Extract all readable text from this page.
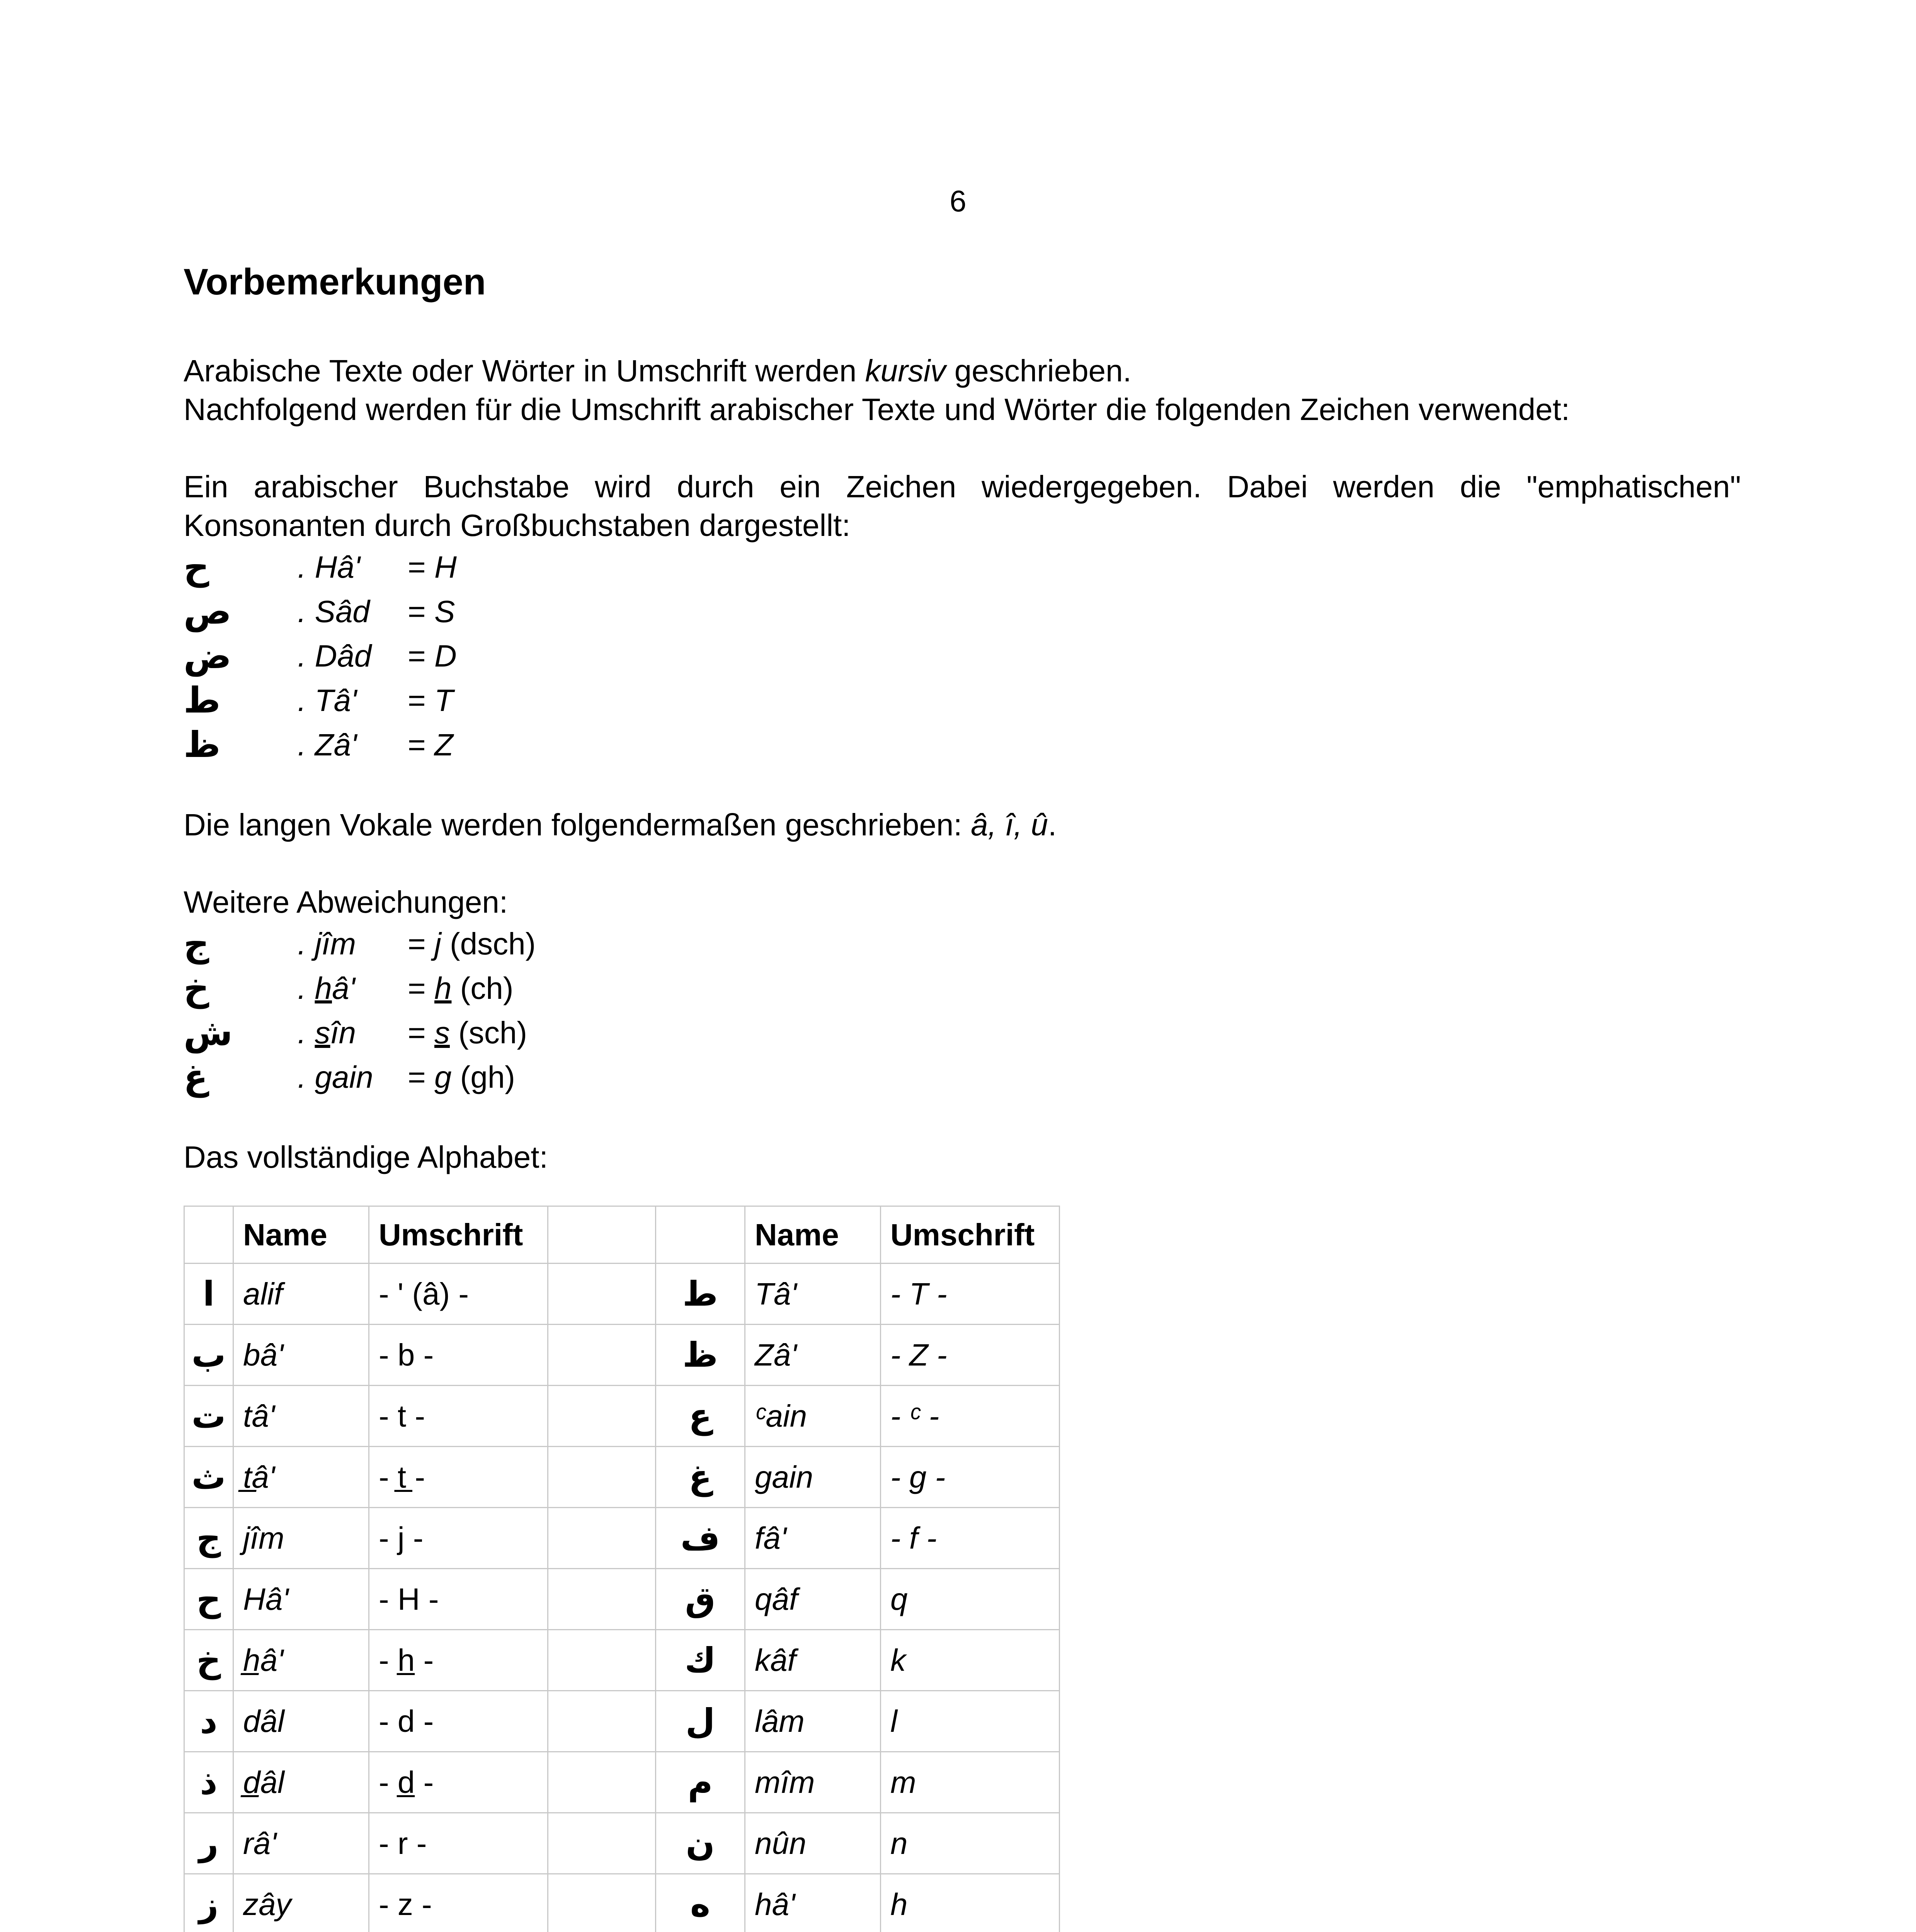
6
Vorbemerkungen

Arabische Texte oder Wörter in Umschrift werden kursiv geschrieben.

Nachfolgend werden für die Umschrift arabischer Texte und Wörter die folgenden Zeichen verwendet:

Ein arabischer Buchstabe wird durch ein Zeichen wiedergegeben. Dabei werden die "emphatischen" Konsonanten durch Großbuchstaben dargestellt:

ح	. Hâ'	= H
ص	. Sâd	= S
ض	. Dâd	= D
ط	. Tâ'	= T
ظ	. Zâ'	= Z

Die langen Vokale werden folgendermaßen geschrieben: â, î, û.

Weitere Abweichungen:

ج	. jîm	= j (dsch)
خ	. hâ'	= h (ch)
ش	. sîn	= s (sch)
غ	. gain	= g (gh)

Das vollständige Alphabet:

	Name	Umschrift			Name	Umschrift
ا	alif	- ' (â) -		ط	Tâ'	- T -
ب	bâ'	- b -		ظ	Zâ'	- Z -
ت	tâ'	- t -		ع	ᶜain	- ᶜ -
ث	t̲â'	- t̲ -		غ	gain	- g -
ج	jîm	- j -		ف	fâ'	- f -
ح	Hâ'	- H -		ق	qâf	q
خ	h̲â'	- h̲ -		ك	kâf	k
د	dâl	- d -		ل	lâm	l
ذ	d̲âl	- d̲ -		م	mîm	m
ر	râ'	- r -		ن	nûn	n
ز	zây	- z -		ه	hâ'	h
